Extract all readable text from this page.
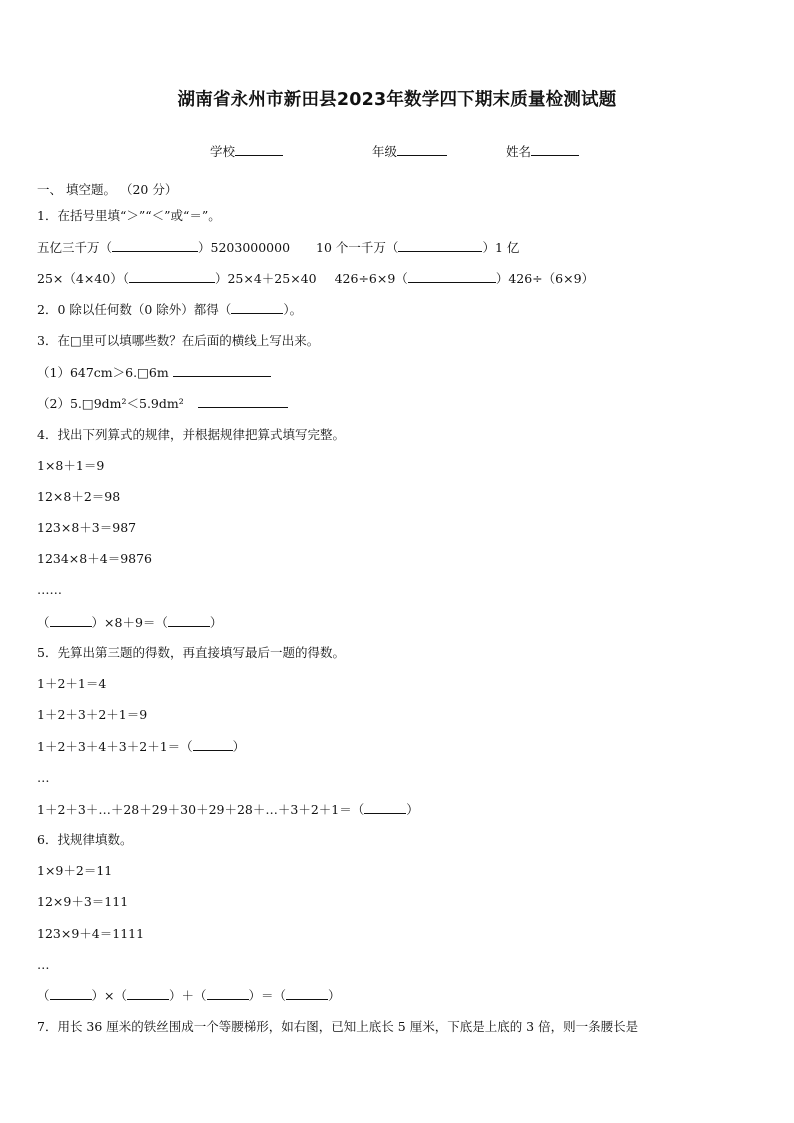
湖南省永州市新田县2023年数学四下期末质量检测试题
学校	年级	姓名
一、 填空题。 （20 分）
1．在括号里填“＞”“＜”或“＝”。
五亿三千万（	）5203000000 10 个一千万（	）1 亿
25×（4×40）（	）25×4＋25×40 426÷6×9（	）426÷（6×9）
2．0 除以任何数（0 除外）都得（	）。
3．在□里可以填哪些数？在后面的横线上写出来。
（1）647cm＞6.□6m
（2）5.□9dm²＜5.9dm²
4．找出下列算式的规律，并根据规律把算式填写完整。
1×8＋1＝9
12×8＋2＝98
123×8＋3＝987
1234×8＋4＝9876
……
（	）×8＋9＝（	）
5．先算出第三题的得数，再直接填写最后一题的得数。
1＋2＋1＝4
1＋2＋3＋2＋1＝9
1＋2＋3＋4＋3＋2＋1＝（	）
…
1＋2＋3＋…＋28＋29＋30＋29＋28＋…＋3＋2＋1＝（	）
6．找规律填数。
1×9＋2＝11
12×9＋3＝111
123×9＋4＝1111
…
（	）×（	）＋（	）＝（	）
7．用长 36 厘米的铁丝围成一个等腰梯形，如右图，已知上底长 5 厘米，下底是上底的 3 倍，则一条腰长是
